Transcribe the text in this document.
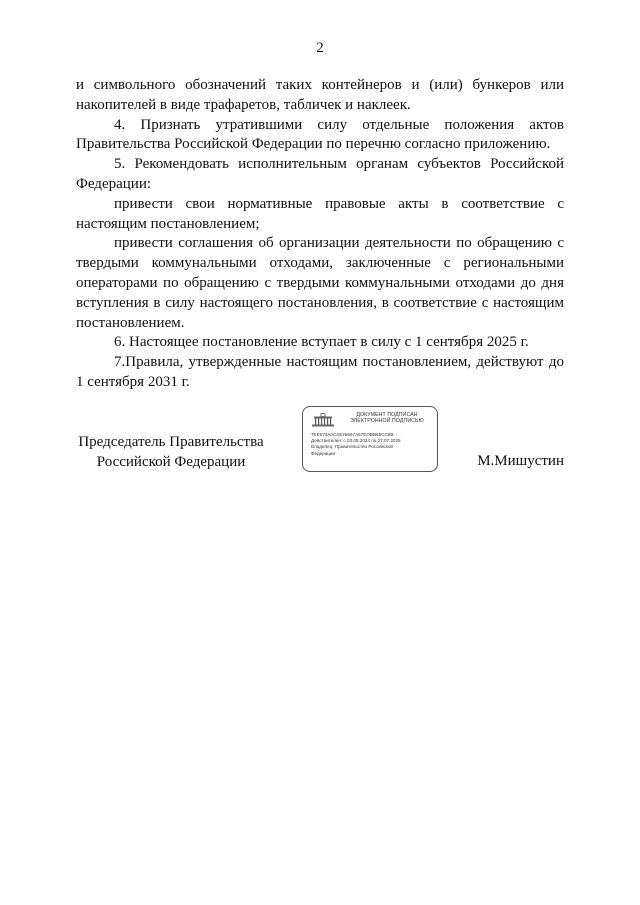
2

и символьного обозначений таких контейнеров и (или) бункеров или накопителей в виде трафаретов, табличек и наклеек.

4. Признать утратившими силу отдельные положения актов Правительства Российской Федерации по перечню согласно приложению.

5. Рекомендовать исполнительным органам субъектов Российской Федерации:

привести свои нормативные правовые акты в соответствие с настоящим постановлением;

привести соглашения об организации деятельности по обращению с твердыми коммунальными отходами, заключенные с региональными операторами по обращению с твердыми коммунальными отходами до дня вступления в силу настоящего постановления, в соответствие с настоящим постановлением.

6. Настоящее постановление вступает в силу с 1 сентября 2025 г.

7.Правила, утвержденные настоящим постановлением, действуют до 1 сентября 2031 г.

Председатель Правительства
Российской Федерации
ДОКУМЕНТ ПОДПИСАН
ЭЛЕКТРОННОЙ ПОДПИСЬЮ
7ЕЕ674А0САЕ28667А67ЕОВВ65СС6В
Действителен: с 03.05.2024 по 27.07.2025
Владелец: Правительство Российской
Федерации	М.Мишустин
